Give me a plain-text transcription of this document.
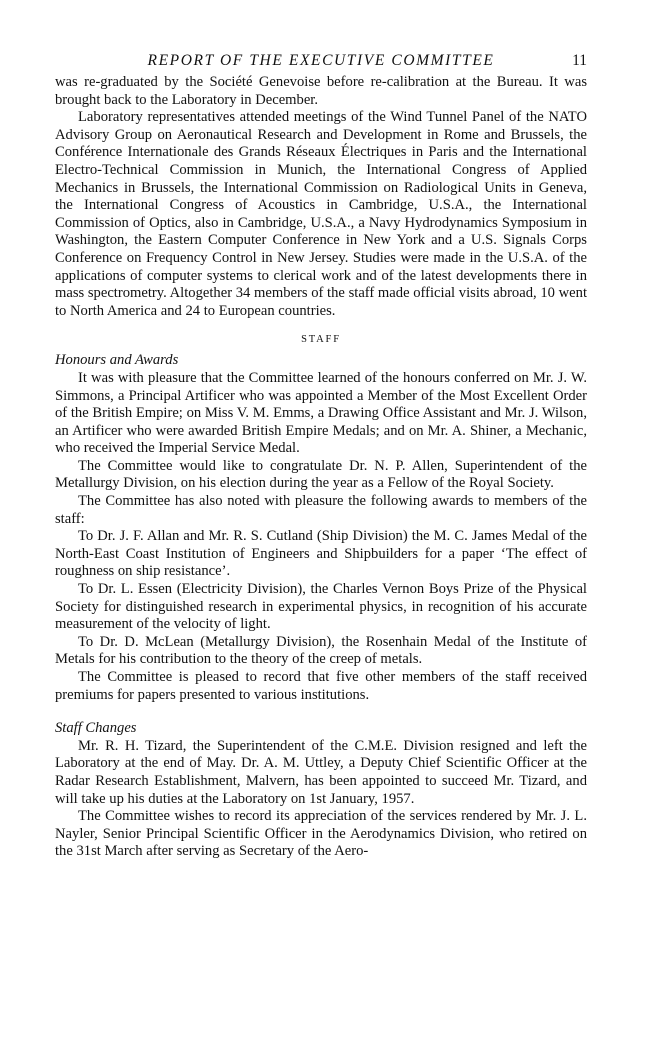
REPORT OF THE EXECUTIVE COMMITTEE	11

was re-graduated by the Société Genevoise before re-calibration at the Bureau. It was brought back to the Laboratory in December.

Laboratory representatives attended meetings of the Wind Tunnel Panel of the NATO Advisory Group on Aeronautical Research and Development in Rome and Brussels, the Conférence Internationale des Grands Réseaux Électriques in Paris and the International Electro-Technical Commission in Munich, the International Congress of Applied Mechanics in Brussels, the International Commission on Radiological Units in Geneva, the International Congress of Acoustics in Cambridge, U.S.A., the International Commission of Optics, also in Cambridge, U.S.A., a Navy Hydrodynamics Symposium in Washington, the Eastern Computer Conference in New York and a U.S. Signals Corps Conference on Frequency Control in New Jersey. Studies were made in the U.S.A. of the applications of computer systems to clerical work and of the latest developments there in mass spectrometry. Altogether 34 members of the staff made official visits abroad, 10 went to North America and 24 to European countries.

STAFF
Honours and Awards

It was with pleasure that the Committee learned of the honours conferred on Mr. J. W. Simmons, a Principal Artificer who was appointed a Member of the Most Excellent Order of the British Empire; on Miss V. M. Emms, a Drawing Office Assistant and Mr. J. Wilson, an Artificer who were awarded British Empire Medals; and on Mr. A. Shiner, a Mechanic, who received the Imperial Service Medal.

The Committee would like to congratulate Dr. N. P. Allen, Superintendent of the Metallurgy Division, on his election during the year as a Fellow of the Royal Society.

The Committee has also noted with pleasure the following awards to members of the staff:

To Dr. J. F. Allan and Mr. R. S. Cutland (Ship Division) the M. C. James Medal of the North-East Coast Institution of Engineers and Shipbuilders for a paper ‘The effect of roughness on ship resistance’.

To Dr. L. Essen (Electricity Division), the Charles Vernon Boys Prize of the Physical Society for distinguished research in experimental physics, in recognition of his accurate measurement of the velocity of light.

To Dr. D. McLean (Metallurgy Division), the Rosenhain Medal of the Institute of Metals for his contribution to the theory of the creep of metals.

The Committee is pleased to record that five other members of the staff received premiums for papers presented to various institutions.

Staff Changes

Mr. R. H. Tizard, the Superintendent of the C.M.E. Division resigned and left the Laboratory at the end of May. Dr. A. M. Uttley, a Deputy Chief Scientific Officer at the Radar Research Establishment, Malvern, has been appointed to succeed Mr. Tizard, and will take up his duties at the Laboratory on 1st January, 1957.

The Committee wishes to record its appreciation of the services rendered by Mr. J. L. Nayler, Senior Principal Scientific Officer in the Aerodynamics Division, who retired on the 31st March after serving as Secretary of the Aero-
